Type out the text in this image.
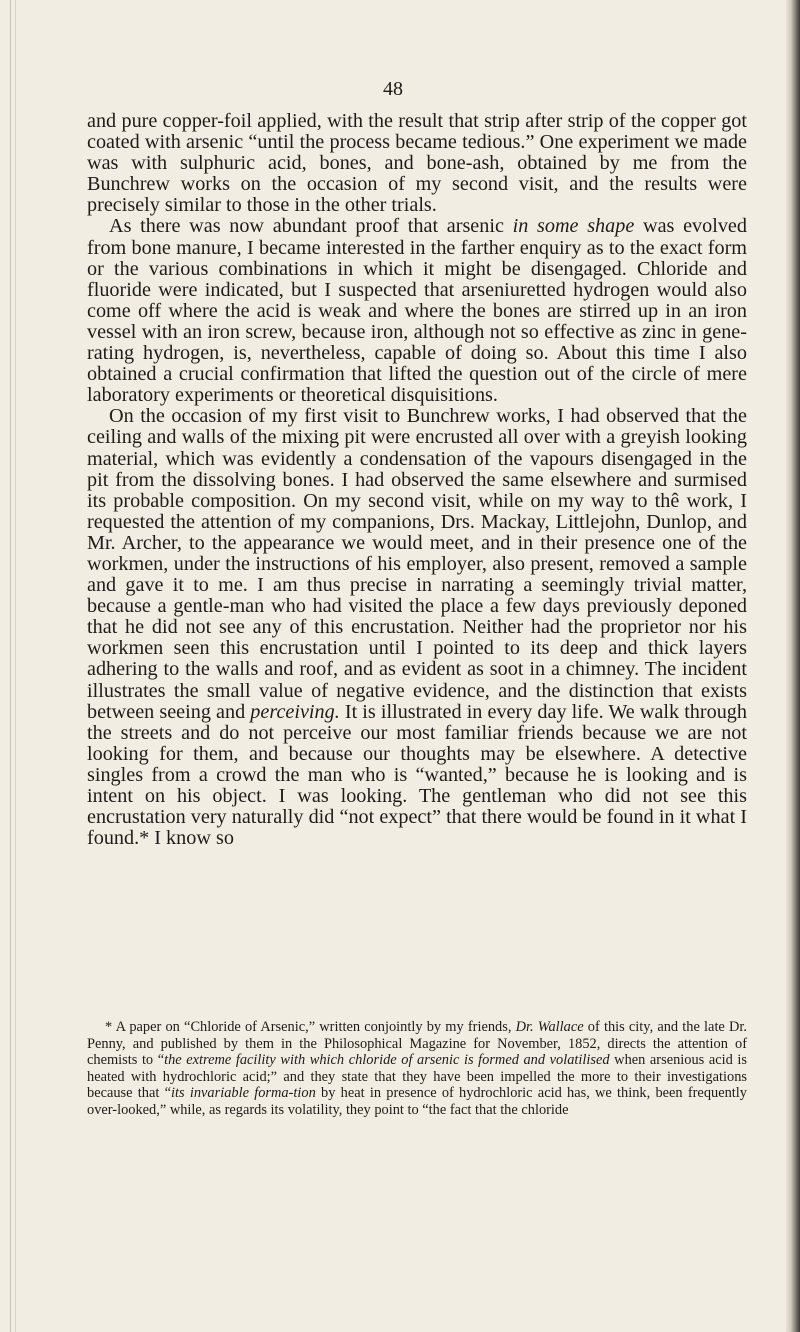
48

and pure copper-foil applied, with the result that strip after strip of the copper got coated with arsenic “until the process became tedious.” One experiment we made was with sulphuric acid, bones, and bone-ash, obtained by me from the Bunchrew works on the occasion of my second visit, and the results were precisely similar to those in the other trials.

As there was now abundant proof that arsenic in some shape was evolved from bone manure, I became interested in the farther enquiry as to the exact form or the various combinations in which it might be disengaged. Chloride and fluoride were indicated, but I suspected that arseniuretted hydrogen would also come off where the acid is weak and where the bones are stirred up in an iron vessel with an iron screw, because iron, although not so effective as zinc in gene-rating hydrogen, is, nevertheless, capable of doing so. About this time I also obtained a crucial confirmation that lifted the question out of the circle of mere laboratory experiments or theoretical disquisitions.

On the occasion of my first visit to Bunchrew works, I had observed that the ceiling and walls of the mixing pit were encrusted all over with a greyish looking material, which was evidently a condensation of the vapours disengaged in the pit from the dissolving bones. I had observed the same elsewhere and surmised its probable composition. On my second visit, while on my way to thê work, I requested the attention of my companions, Drs. Mackay, Littlejohn, Dunlop, and Mr. Archer, to the appearance we would meet, and in their presence one of the workmen, under the instructions of his employer, also present, removed a sample and gave it to me. I am thus precise in narrating a seemingly trivial matter, because a gentle-man who had visited the place a few days previously deponed that he did not see any of this encrustation. Neither had the proprietor nor his workmen seen this encrustation until I pointed to its deep and thick layers adhering to the walls and roof, and as evident as soot in a chimney. The incident illustrates the small value of negative evidence, and the distinction that exists between seeing and perceiving. It is illustrated in every day life. We walk through the streets and do not perceive our most familiar friends because we are not looking for them, and because our thoughts may be elsewhere. A detective singles from a crowd the man who is “wanted,” because he is looking and is intent on his object. I was looking. The gentleman who did not see this encrustation very naturally did “not expect” that there would be found in it what I found.* I know so

* A paper on “Chloride of Arsenic,” written conjointly by my friends, Dr. Wallace of this city, and the late Dr. Penny, and published by them in the Philosophical Magazine for November, 1852, directs the attention of chemists to “the extreme facility with which chloride of arsenic is formed and volatilised when arsenious acid is heated with hydrochloric acid;” and they state that they have been impelled the more to their investigations because that “its invariable forma-tion by heat in presence of hydrochloric acid has, we think, been frequently over-looked,” while, as regards its volatility, they point to “the fact that the chloride
